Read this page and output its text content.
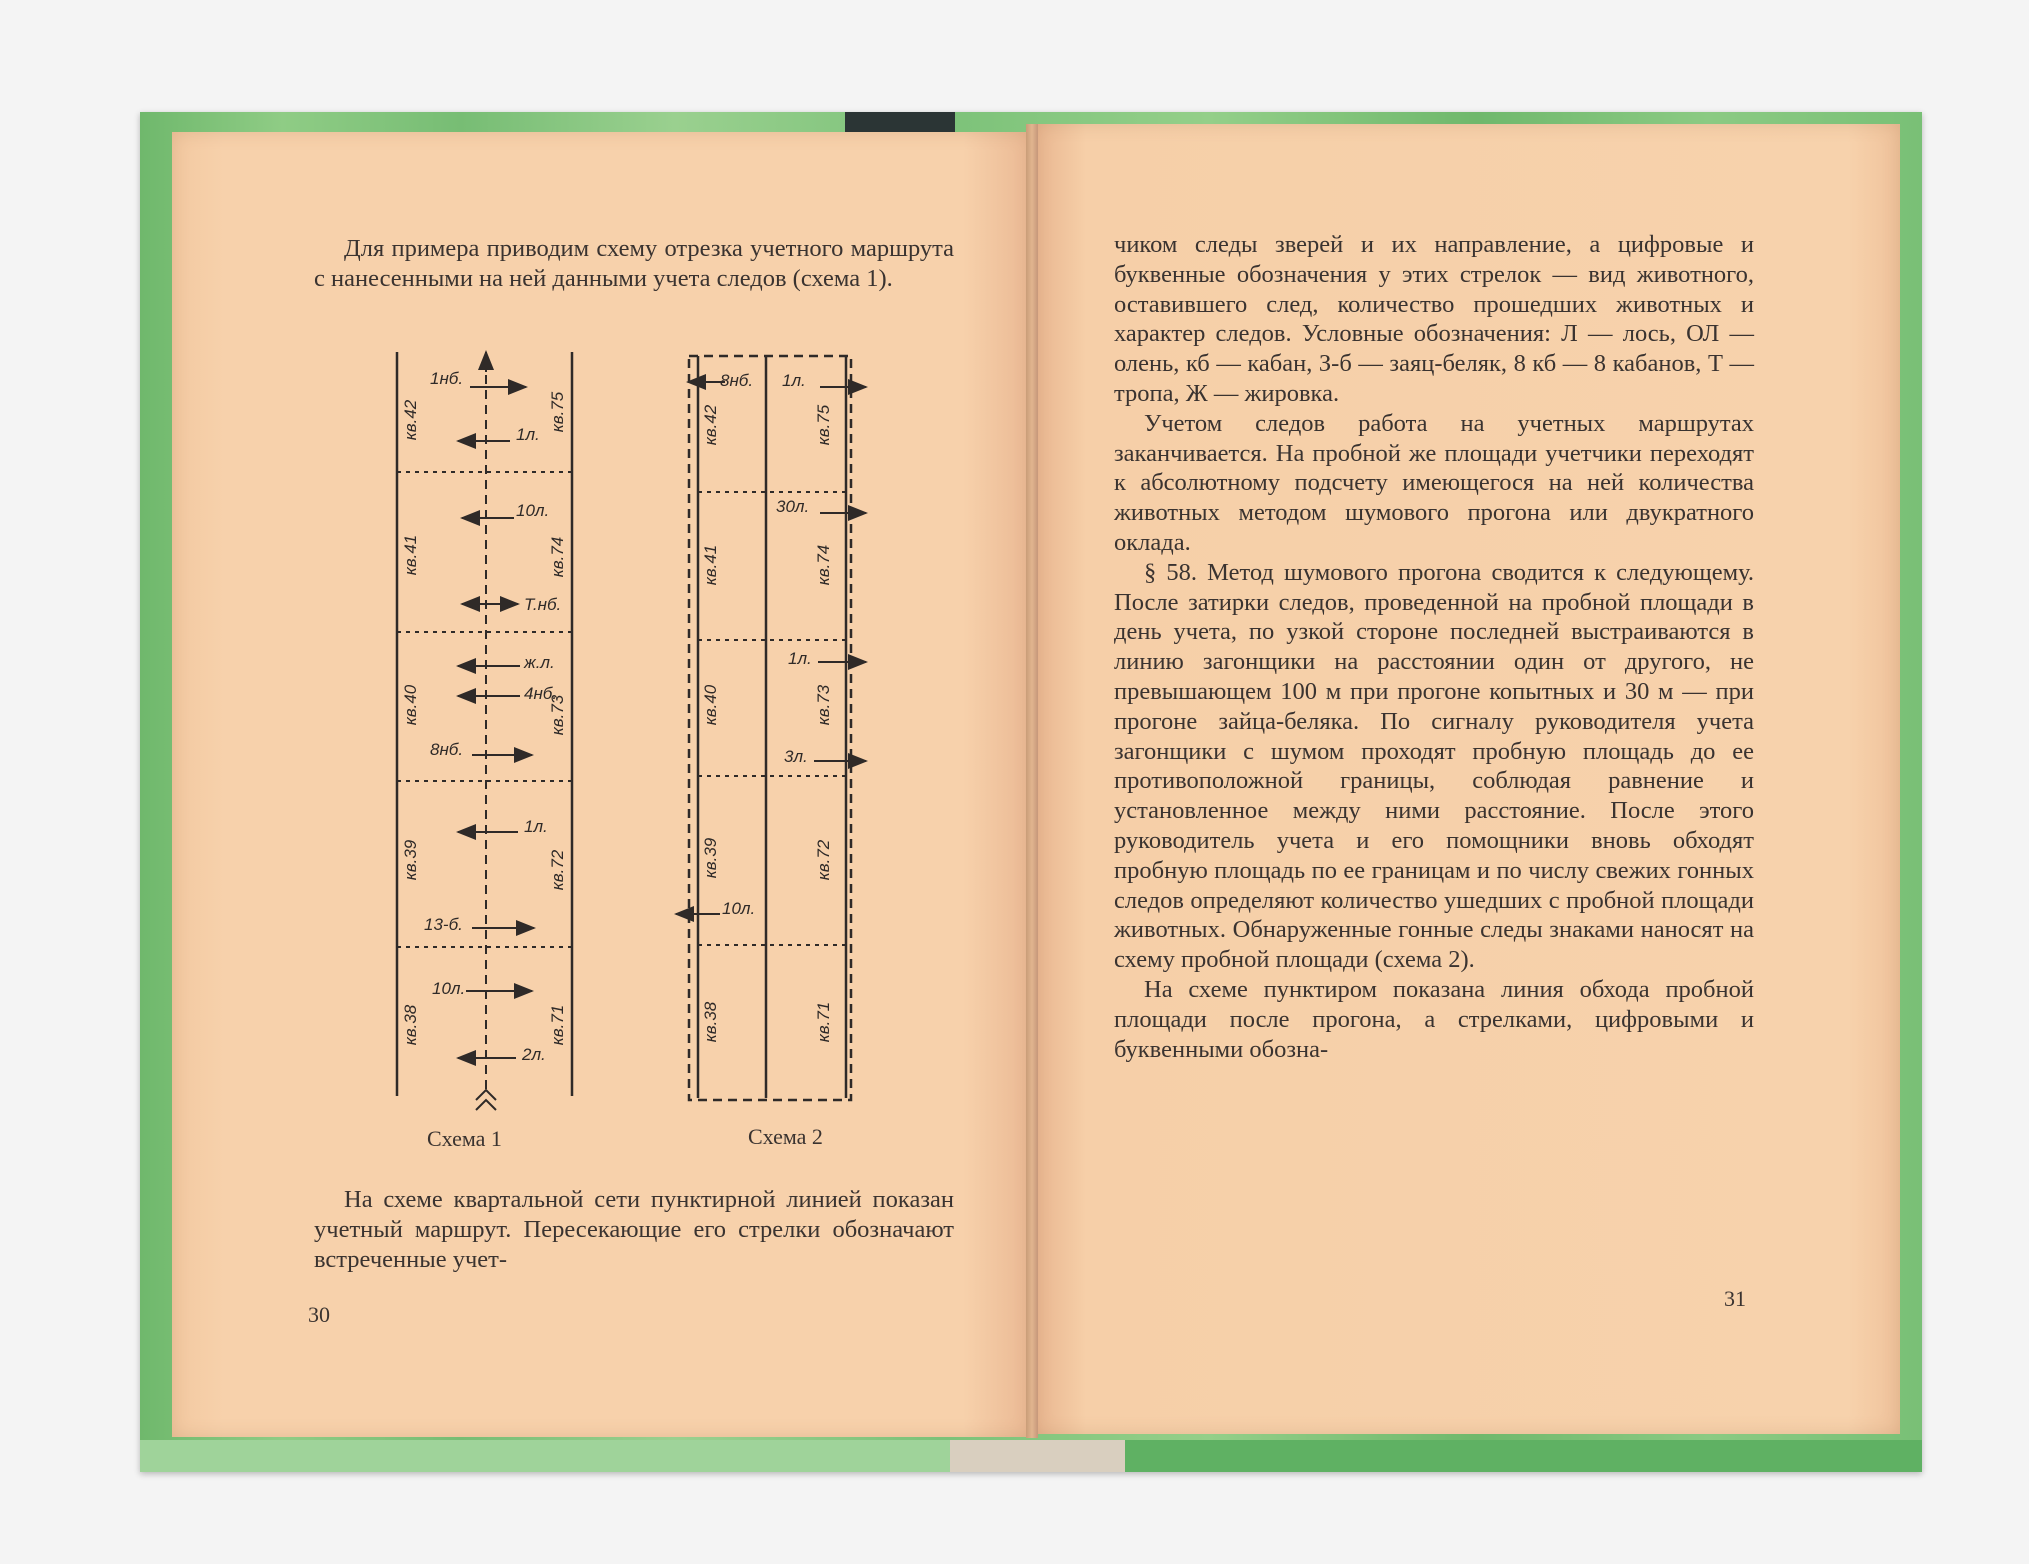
Для примера приводим схему отрезка учетного маршрута с нанесенными на ней данными учета следов (схема 1).

кв.42
кв.41
кв.40
кв.39
кв.38
кв.75
кв.74
кв.73
кв.72
кв.71
1нб.
1л.
10л.
Т.нб.
ж.л.
4нб.
8нб.
1л.
13-б.
10л.
2л.
кв.42
кв.41
кв.40
кв.39
кв.38
кв.75
кв.74
кв.73
кв.72
кв.71
8нб. 1л.
30л.
1л.
3л.
10л.
Схема 1	Схема 2

На схеме квартальной сети пунктирной линией показан учетный маршрут. Пересекающие его стрелки обозначают встреченные учет-

30

чиком следы зверей и их направление, а цифровые и буквенные обозначения у этих стрелок — вид животного, оставившего след, количество прошедших животных и характер следов. Условные обозначения: Л — лось, ОЛ — олень, кб — кабан, З-б — заяц-беляк, 8 кб — 8 кабанов, Т — тропа, Ж — жировка.

Учетом следов работа на учетных маршрутах заканчивается. На пробной же площади учетчики переходят к абсолютному подсчету имеющегося на ней количества животных методом шумового прогона или двукратного оклада.

§ 58. Метод шумового прогона сводится к следующему. После затирки следов, проведенной на пробной площади в день учета, по узкой стороне последней выстраиваются в линию загонщики на расстоянии один от другого, не превышающем 100 м при прогоне копытных и 30 м — при прогоне зайца-беляка. По сигналу руководителя учета загонщики с шумом проходят пробную площадь до ее противоположной границы, соблюдая равнение и установленное между ними расстояние. После этого руководитель учета и его помощники вновь обходят пробную площадь по ее границам и по числу свежих гонных следов определяют количество ушедших с пробной площади животных. Обнаруженные гонные следы знаками наносят на схему пробной площади (схема 2).

На схеме пунктиром показана линия обхода пробной площади после прогона, а стрелками, цифровыми и буквенными обозна-

31
